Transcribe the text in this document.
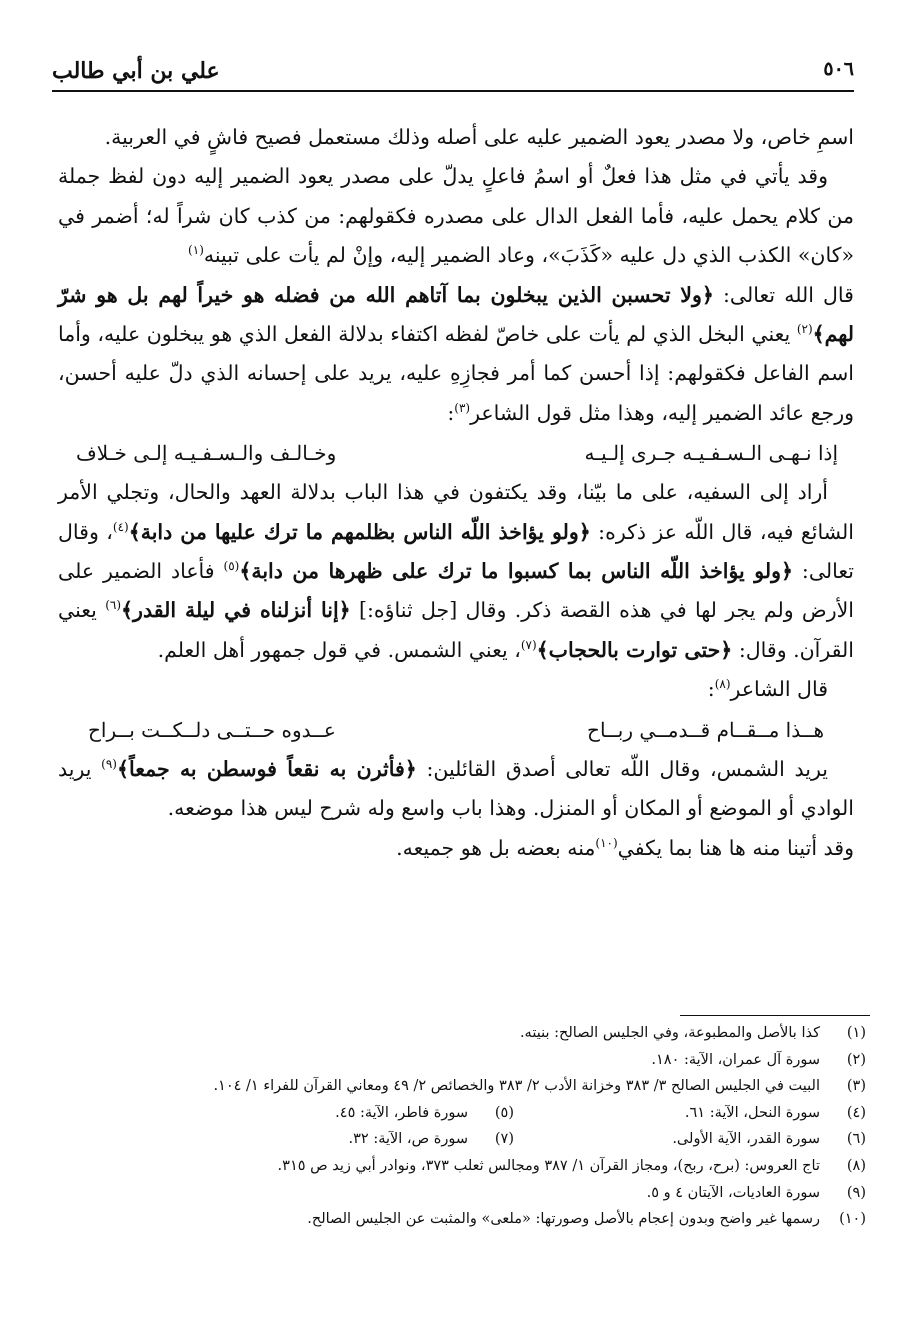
٥٠٦
علي بن أبي طالب

اسمِ خاص، ولا مصدر يعود الضمير عليه على أصله وذلك مستعمل فصيح فاشٍ في العربية.

وقد يأتي في مثل هذا فعلٌ أو اسمُ فاعلٍ يدلّ على مصدر يعود الضمير إليه دون لفظ جملة من كلام يحمل عليه، فأما الفعل الدال على مصدره فكقولهم: من كذب كان شراً له؛ أضمر في «كان» الكذب الذي دل عليه «كَذَبَ»، وعاد الضمير إليه، وإنْ لم يأت على تبينه$^{(١)}$

قال الله تعالى: ﴿ولا تحسبن الذين يبخلون بما آتاهم الله من فضله هو خيراً لهم بل هو شرّ لهم﴾$^{(٢)}$ يعني البخل الذي لم يأت على خاصّ لفظه اكتفاء بدلالة الفعل الذي هو يبخلون عليه، وأما اسم الفاعل فكقولهم: إذا أحسن كما أمر فجازِهِ عليه، يريد على إحسانه الذي دلّ عليه أحسن، ورجع عائد الضمير إليه، وهذا مثل قول الشاعر$^{(٣)}$:

إذا نـهـى الـسـفـيـه جـرى إلـيـه
وخـالـف والـسـفـيـه إلـى خـلاف

أراد إلى السفيه، على ما بيّنا، وقد يكتفون في هذا الباب بدلالة العهد والحال، وتجلي الأمر الشائع فيه، قال اللّه عز ذكره: ﴿ولو يؤاخذ اللّه الناس بظلمهم ما ترك عليها من دابة﴾$^{(٤)}$، وقال تعالى: ﴿ولو يؤاخذ اللّه الناس بما كسبوا ما ترك على ظهرها من دابة﴾$^{(٥)}$ فأعاد الضمير على الأرض ولم يجر لها في هذه القصة ذكر. وقال [جل ثناؤه:] ﴿إنا أنزلناه في ليلة القدر﴾$^{(٦)}$ يعني القرآن. وقال: ﴿حتى توارت بالحجاب﴾$^{(٧)}$، يعني الشمس. في قول جمهور أهل العلم.

قال الشاعر$^{(٨)}$:

هــذا مــقــام قــدمــي ربــاح
عــدوه حــتــى دلــكــت بــراح

يريد الشمس، وقال اللّه تعالى أصدق القائلين: ﴿فأثرن به نقعاً فوسطن به جمعاً﴾$^{(٩)}$ يريد الوادي أو الموضع أو المكان أو المنزل. وهذا باب واسع وله شرح ليس هذا موضعه.

وقد أتينا منه ها هنا بما يكفي$^{(١٠)}$منه بعضه بل هو جميعه.

(١)
كذا بالأصل والمطبوعة، وفي الجليس الصالح: بنيته.
(٢)
سورة آل عمران، الآية: ١٨٠.
(٣)
البيت في الجليس الصالح ٣/ ٣٨٣ وخزانة الأدب ٢/ ٣٨٣ والخصائص ٢/ ٤٩ ومعاني القرآن للفراء ١/ ١٠٤.
(٤)
سورة النحل، الآية: ٦١.
(٥)
سورة فاطر، الآية: ٤٥.
(٦)
سورة القدر، الآية الأولى.
(٧)
سورة ص، الآية: ٣٢.
(٨)
تاج العروس: (برح، ربح)، ومجاز القرآن ١/ ٣٨٧ ومجالس ثعلب ٣٧٣، ونوادر أبي زيد ص ٣١٥.
(٩)
سورة العاديات، الآيتان ٤ و ٥.
(١٠)
رسمها غير واضح وبدون إعجام بالأصل وصورتها: «ملعى» والمثبت عن الجليس الصالح.
